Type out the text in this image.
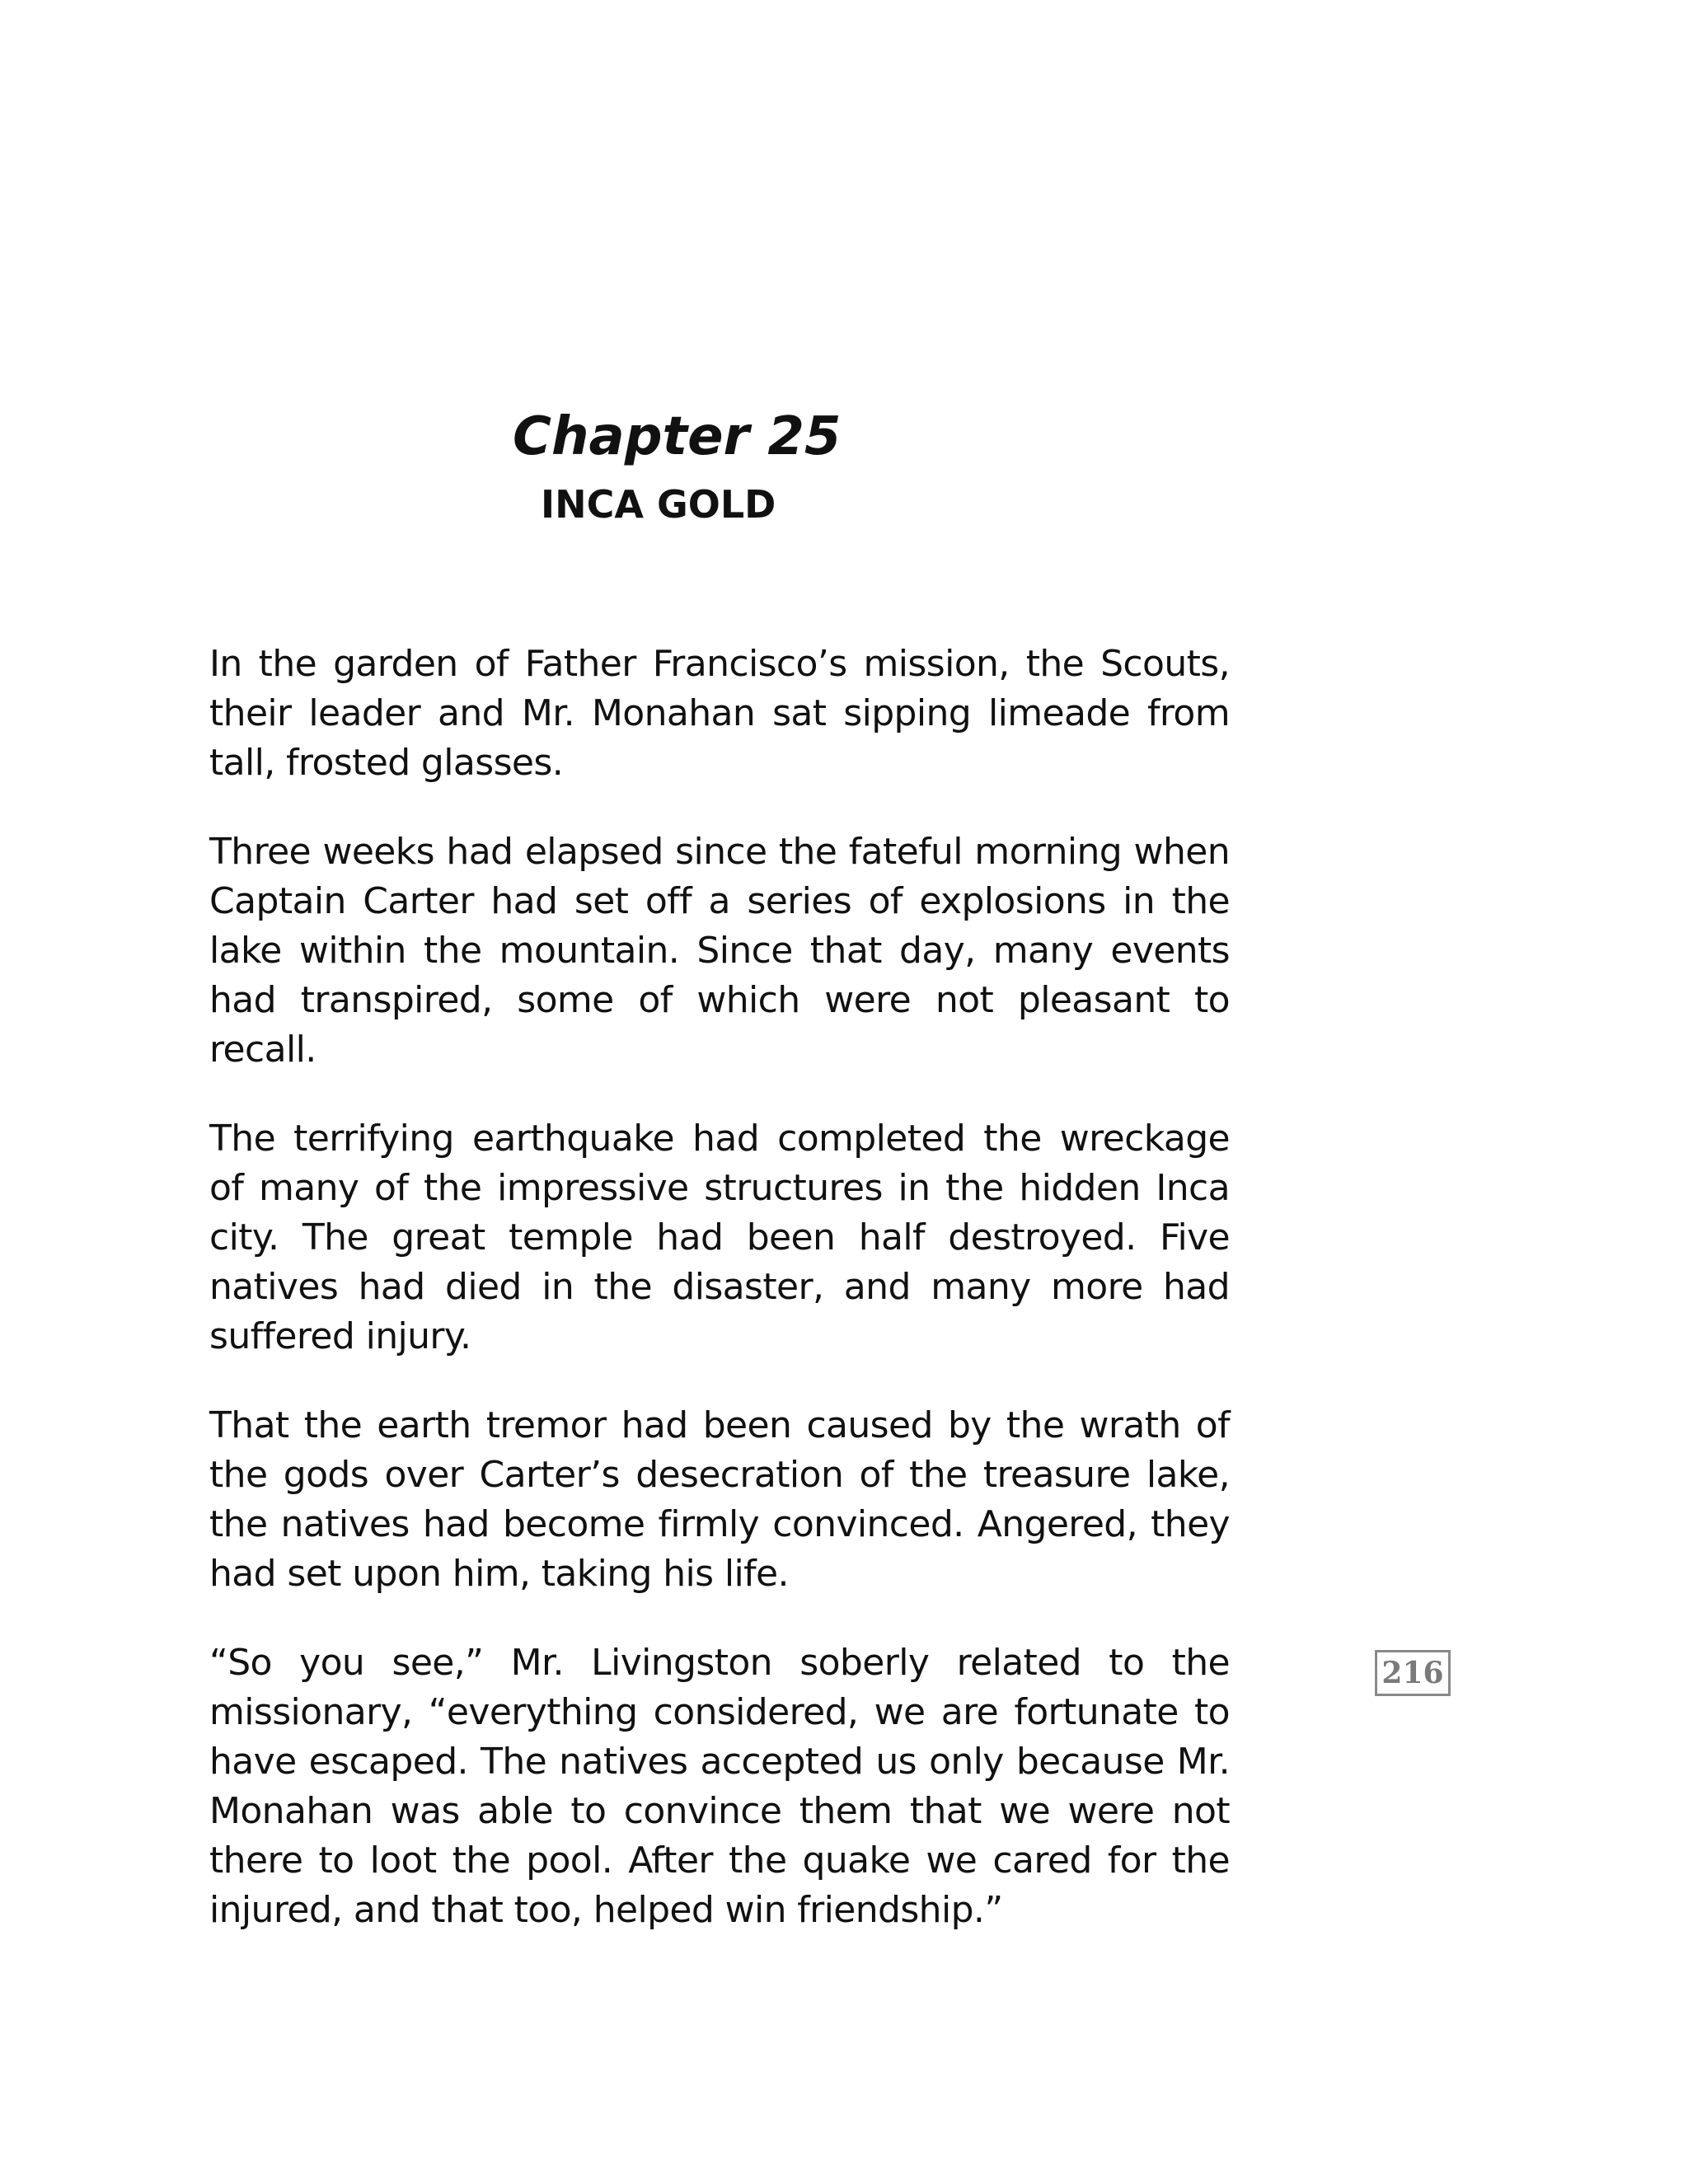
Chapter 25
INCA GOLD

In the garden of Father Francisco’s mission, the Scouts, their leader and Mr. Monahan sat sipping limeade from tall, frosted glasses.

Three weeks had elapsed since the fateful morning when Captain Carter had set off a series of explosions in the lake within the mountain. Since that day, many events had transpired, some of which were not pleasant to recall.

The terrifying earthquake had completed the wreckage of many of the impressive structures in the hidden Inca city. The great temple had been half destroyed. Five natives had died in the disaster, and many more had suffered injury.

That the earth tremor had been caused by the wrath of the gods over Carter’s desecration of the treasure lake, the natives had become firmly convinced. Angered, they had set upon him, taking his life.

“So you see,” Mr. Livingston soberly related to the missionary, “everything considered, we are fortunate to have escaped. The natives accepted us only because Mr. Monahan was able to convince them that we were not there to loot the pool. After the quake we cared for the injured, and that too, helped win friendship.”

216
